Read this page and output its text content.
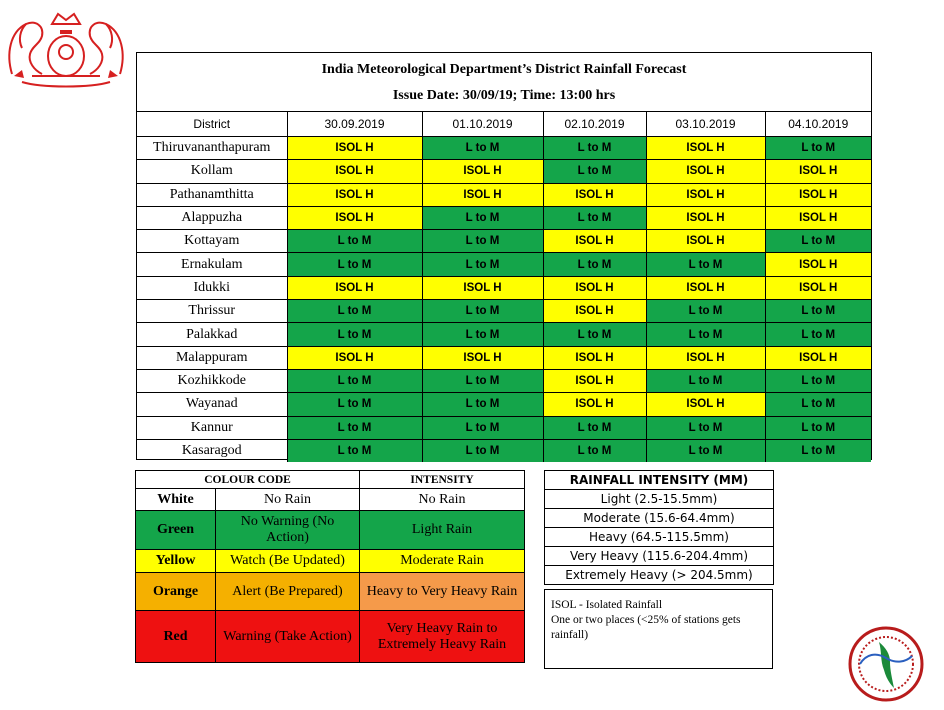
India Meteorological Department’s District Rainfall Forecast
Issue Date: 30/09/19; Time: 13:00 hrs
District	30.09.2019	01.10.2019	02.10.2019	03.10.2019	04.10.2019
Thiruvananthapuram	ISOL H	L to M	L to M	ISOL H	L to M
Kollam	ISOL H	ISOL H	L to M	ISOL H	ISOL H
Pathanamthitta	ISOL H	ISOL H	ISOL H	ISOL H	ISOL H
Alappuzha	ISOL H	L to M	L to M	ISOL H	ISOL H
Kottayam	L to M	L to M	ISOL H	ISOL H	L to M
Ernakulam	L to M	L to M	L to M	L to M	ISOL H
Idukki	ISOL H	ISOL H	ISOL H	ISOL H	ISOL H
Thrissur	L to M	L to M	ISOL H	L to M	L to M
Palakkad	L to M	L to M	L to M	L to M	L to M
Malappuram	ISOL H	ISOL H	ISOL H	ISOL H	ISOL H
Kozhikkode	L to M	L to M	ISOL H	L to M	L to M
Wayanad	L to M	L to M	ISOL H	ISOL H	L to M
Kannur	L to M	L to M	L to M	L to M	L to M
Kasaragod	L to M	L to M	L to M	L to M	L to M
COLOUR CODE		INTENSITY
White	No Rain	No Rain
Green	No Warning (No Action)	Light Rain
Yellow	Watch (Be Updated)	Moderate Rain
Orange	Alert (Be Prepared)	Heavy to Very Heavy Rain
Red	Warning (Take Action)	Very Heavy Rain to Extremely Heavy Rain
RAINFALL INTENSITY (MM)
Light (2.5-15.5mm)
Moderate (15.6-64.4mm)
Heavy (64.5-115.5mm)
Very Heavy (115.6-204.4mm)
Extremely Heavy (> 204.5mm)
ISOL - Isolated Rainfall
One or two places (<25% of stations gets rainfall)
